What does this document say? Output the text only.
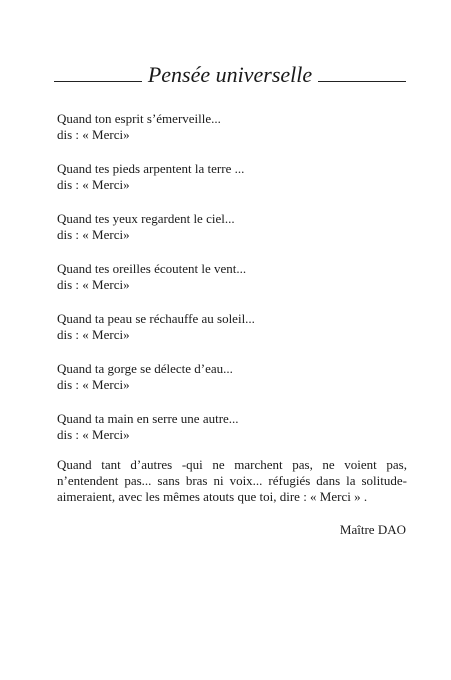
Pensée universelle
Quand ton esprit s’émerveille...
dis : « Merci»
Quand tes pieds arpentent la terre ...
dis : « Merci»
Quand tes yeux regardent le ciel...
dis : « Merci»
Quand tes oreilles écoutent le vent...
dis : « Merci»
Quand ta peau se réchauffe au soleil...
dis : « Merci»
Quand ta gorge se délecte d’eau...
dis : « Merci»
Quand ta main en serre une autre...
dis : « Merci»
Quand tant d’autres -qui ne marchent pas, ne voient pas, n’entendent pas... sans bras ni voix... réfugiés dans la solitude- aimeraient, avec les mêmes atouts que toi, dire : « Merci » .
Maître DAO
